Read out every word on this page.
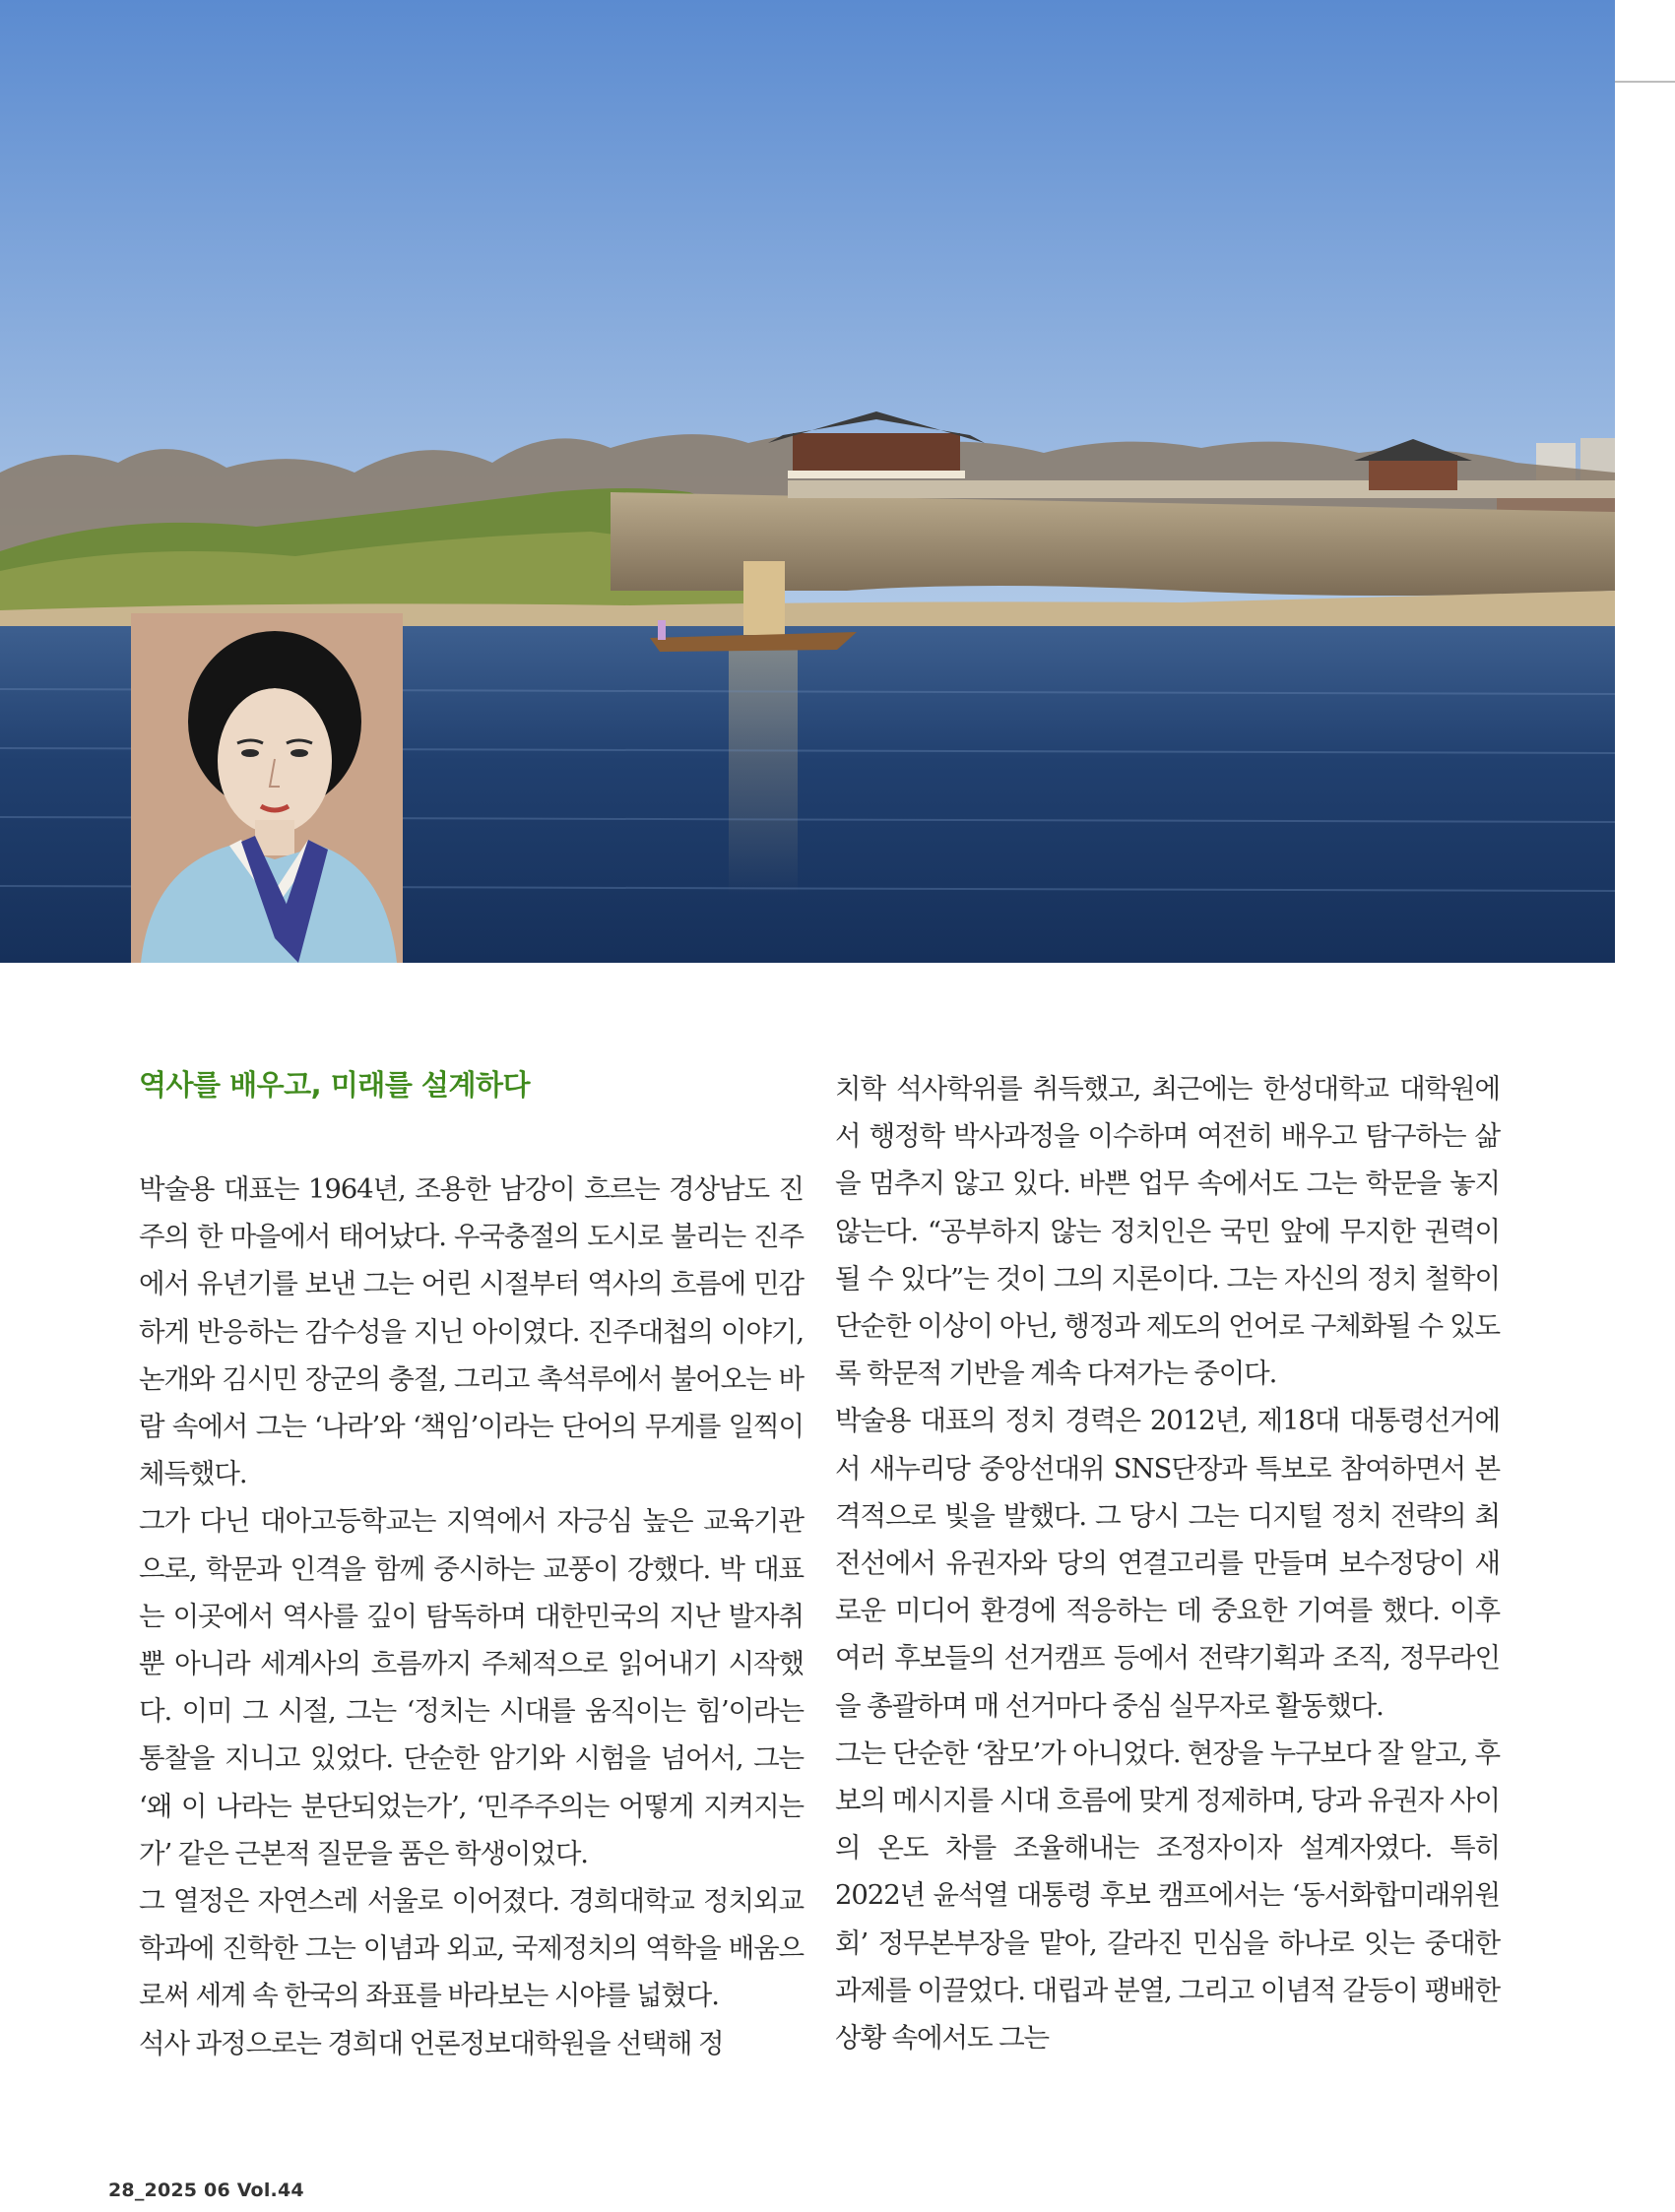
역사를 배우고, 미래를 설계하다

박술용 대표는 1964년, 조용한 남강이 흐르는 경상남도 진주의 한 마을에서 태어났다. 우국충절의 도시로 불리는 진주에서 유년기를 보낸 그는 어린 시절부터 역사의 흐름에 민감하게 반응하는 감수성을 지닌 아이였다. 진주대첩의 이야기, 논개와 김시민 장군의 충절, 그리고 촉석루에서 불어오는 바람 속에서 그는 ‘나라’와 ‘책임’이라는 단어의 무게를 일찍이 체득했다.

그가 다닌 대아고등학교는 지역에서 자긍심 높은 교육기관으로, 학문과 인격을 함께 중시하는 교풍이 강했다. 박 대표는 이곳에서 역사를 깊이 탐독하며 대한민국의 지난 발자취뿐 아니라 세계사의 흐름까지 주체적으로 읽어내기 시작했다. 이미 그 시절, 그는 ‘정치는 시대를 움직이는 힘’이라는 통찰을 지니고 있었다. 단순한 암기와 시험을 넘어서, 그는 ‘왜 이 나라는 분단되었는가’, ‘민주주의는 어떻게 지켜지는가’ 같은 근본적 질문을 품은 학생이었다.

그 열정은 자연스레 서울로 이어졌다. 경희대학교 정치외교학과에 진학한 그는 이념과 외교, 국제정치의 역학을 배움으로써 세계 속 한국의 좌표를 바라보는 시야를 넓혔다.

석사 과정으로는 경희대 언론정보대학원을 선택해 정

치학 석사학위를 취득했고, 최근에는 한성대학교 대학원에서 행정학 박사과정을 이수하며 여전히 배우고 탐구하는 삶을 멈추지 않고 있다. 바쁜 업무 속에서도 그는 학문을 놓지 않는다. “공부하지 않는 정치인은 국민 앞에 무지한 권력이 될 수 있다”는 것이 그의 지론이다. 그는 자신의 정치 철학이 단순한 이상이 아닌, 행정과 제도의 언어로 구체화될 수 있도록 학문적 기반을 계속 다져가는 중이다.

박술용 대표의 정치 경력은 2012년, 제18대 대통령선거에서 새누리당 중앙선대위 SNS단장과 특보로 참여하면서 본격적으로 빛을 발했다. 그 당시 그는 디지털 정치 전략의 최전선에서 유권자와 당의 연결고리를 만들며 보수정당이 새로운 미디어 환경에 적응하는 데 중요한 기여를 했다. 이후 여러 후보들의 선거캠프 등에서 전략기획과 조직, 정무라인을 총괄하며 매 선거마다 중심 실무자로 활동했다.

그는 단순한 ‘참모’가 아니었다. 현장을 누구보다 잘 알고, 후보의 메시지를 시대 흐름에 맞게 정제하며, 당과 유권자 사이의 온도 차를 조율해내는 조정자이자 설계자였다. 특히 2022년 윤석열 대통령 후보 캠프에서는 ‘동서화합미래위원회’ 정무본부장을 맡아, 갈라진 민심을 하나로 잇는 중대한 과제를 이끌었다. 대립과 분열, 그리고 이념적 갈등이 팽배한 상황 속에서도 그는

28_2025 06 Vol.44
